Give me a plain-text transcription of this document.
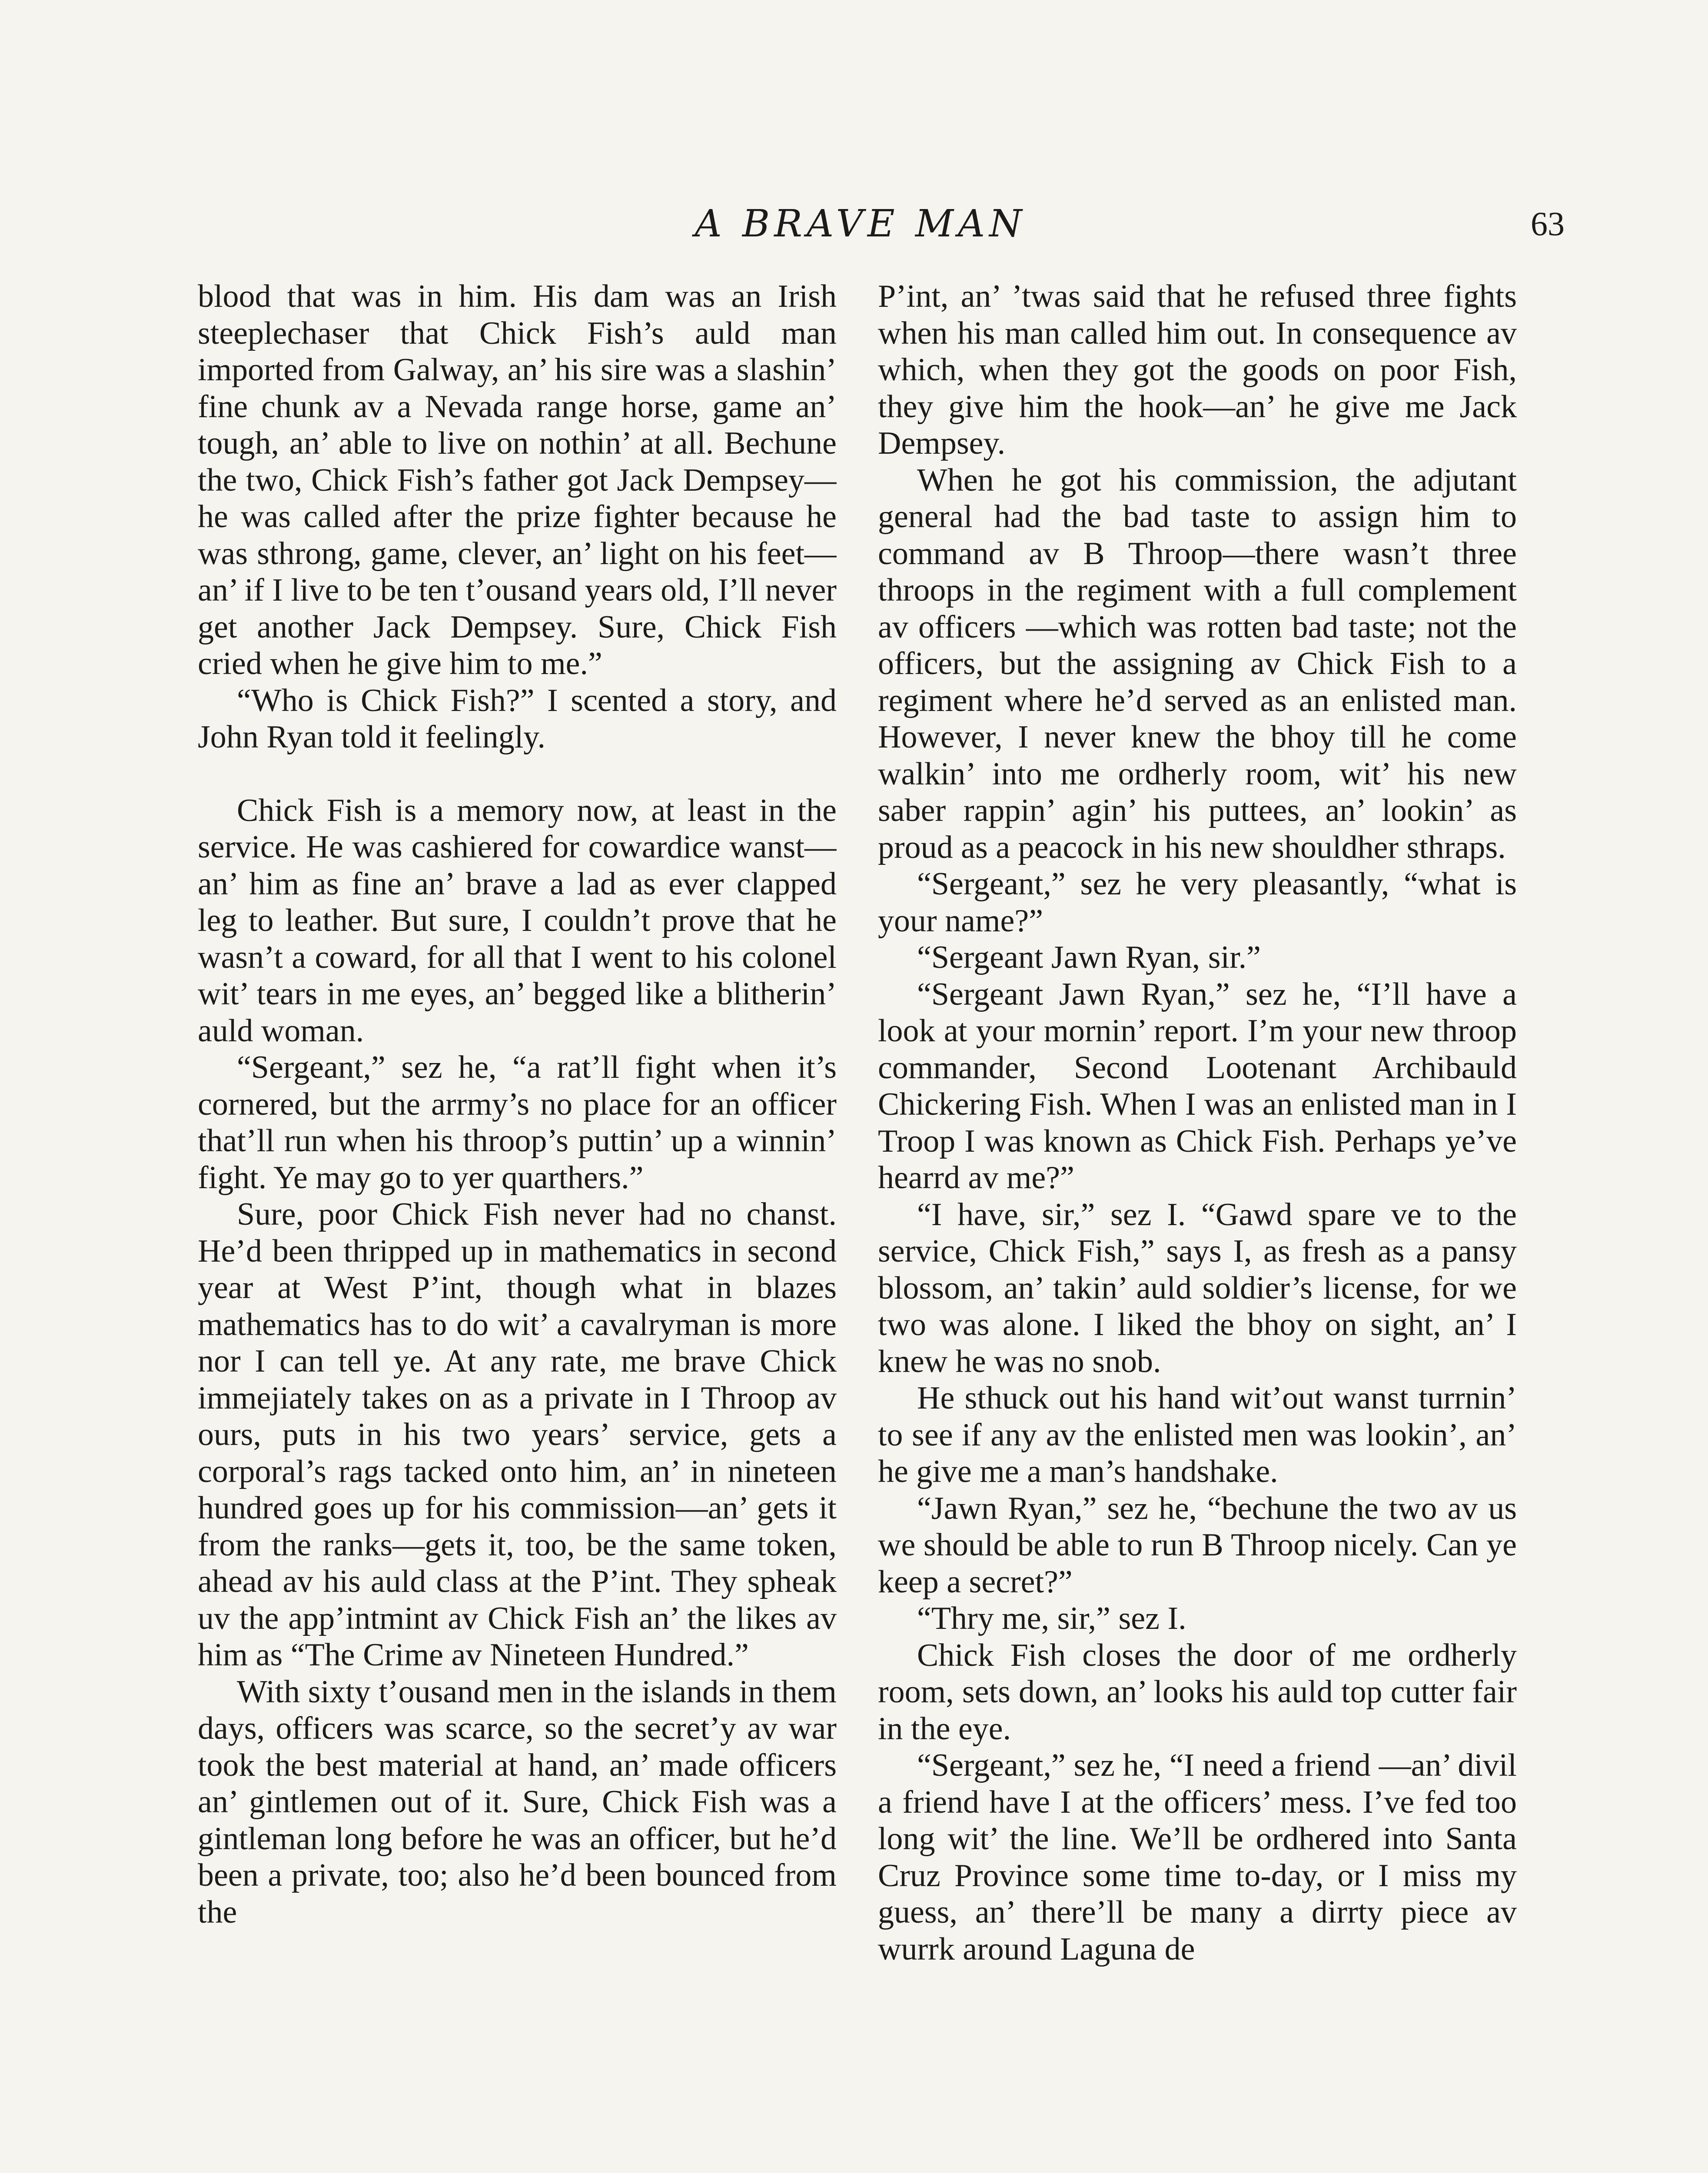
A BRAVE MAN	63

blood that was in him. His dam was an Irish steeplechaser that Chick Fish’s auld man imported from Galway, an’ his sire was a slashin’ fine chunk av a Nevada range horse, game an’ tough, an’ able to live on nothin’ at all. Bechune the two, Chick Fish’s father got Jack Dempsey—he was called after the prize fighter because he was sthrong, game, clever, an’ light on his feet—an’ if I live to be ten t’ousand years old, I’ll never get another Jack Dempsey. Sure, Chick Fish cried when he give him to me.”

“Who is Chick Fish?” I scented a story, and John Ryan told it feelingly.

Chick Fish is a memory now, at least in the service. He was cashiered for cowardice wanst—an’ him as fine an’ brave a lad as ever clapped leg to leather. But sure, I couldn’t prove that he wasn’t a coward, for all that I went to his colonel wit’ tears in me eyes, an’ begged like a blitherin’ auld woman.

“Sergeant,” sez he, “a rat’ll fight when it’s cornered, but the arrmy’s no place for an officer that’ll run when his throop’s puttin’ up a winnin’ fight. Ye may go to yer quarthers.”

Sure, poor Chick Fish never had no chanst. He’d been thripped up in mathematics in second year at West P’int, though what in blazes mathematics has to do wit’ a cavalryman is more nor I can tell ye. At any rate, me brave Chick immejiately takes on as a private in I Throop av ours, puts in his two years’ service, gets a corporal’s rags tacked onto him, an’ in nineteen hundred goes up for his commission—an’ gets it from the ranks—gets it, too, be the same token, ahead av his auld class at the P’int. They spheak uv the app’intmint av Chick Fish an’ the likes av him as “The Crime av Nineteen Hundred.”

With sixty t’ousand men in the islands in them days, officers was scarce, so the secret’y av war took the best material at hand, an’ made officers an’ gintlemen out of it. Sure, Chick Fish was a gintleman long before he was an officer, but he’d been a private, too; also he’d been bounced from the

P’int, an’ ’twas said that he refused three fights when his man called him out. In consequence av which, when they got the goods on poor Fish, they give him the hook—an’ he give me Jack Dempsey.

When he got his commission, the adjutant general had the bad taste to assign him to command av B Throop—there wasn’t three throops in the regiment with a full complement av officers —which was rotten bad taste; not the officers, but the assigning av Chick Fish to a regiment where he’d served as an enlisted man. However, I never knew the bhoy till he come walkin’ into me ordherly room, wit’ his new saber rappin’ agin’ his puttees, an’ lookin’ as proud as a peacock in his new shouldher sthraps.

“Sergeant,” sez he very pleasantly, “what is your name?”

“Sergeant Jawn Ryan, sir.”

“Sergeant Jawn Ryan,” sez he, “I’ll have a look at your mornin’ report. I’m your new throop commander, Second Lootenant Archibauld Chickering Fish. When I was an enlisted man in I Troop I was known as Chick Fish. Perhaps ye’ve hearrd av me?”

“I have, sir,” sez I. “Gawd spare ve to the service, Chick Fish,” says I, as fresh as a pansy blossom, an’ takin’ auld soldier’s license, for we two was alone. I liked the bhoy on sight, an’ I knew he was no snob.

He sthuck out his hand wit’out wanst turrnin’ to see if any av the enlisted men was lookin’, an’ he give me a man’s handshake.

“Jawn Ryan,” sez he, “bechune the two av us we should be able to run B Throop nicely. Can ye keep a secret?”

“Thry me, sir,” sez I.

Chick Fish closes the door of me ordherly room, sets down, an’ looks his auld top cutter fair in the eye.

“Sergeant,” sez he, “I need a friend —an’ divil a friend have I at the officers’ mess. I’ve fed too long wit’ the line. We’ll be ordhered into Santa Cruz Province some time to-day, or I miss my guess, an’ there’ll be many a dirrty piece av wurrk around Laguna de
